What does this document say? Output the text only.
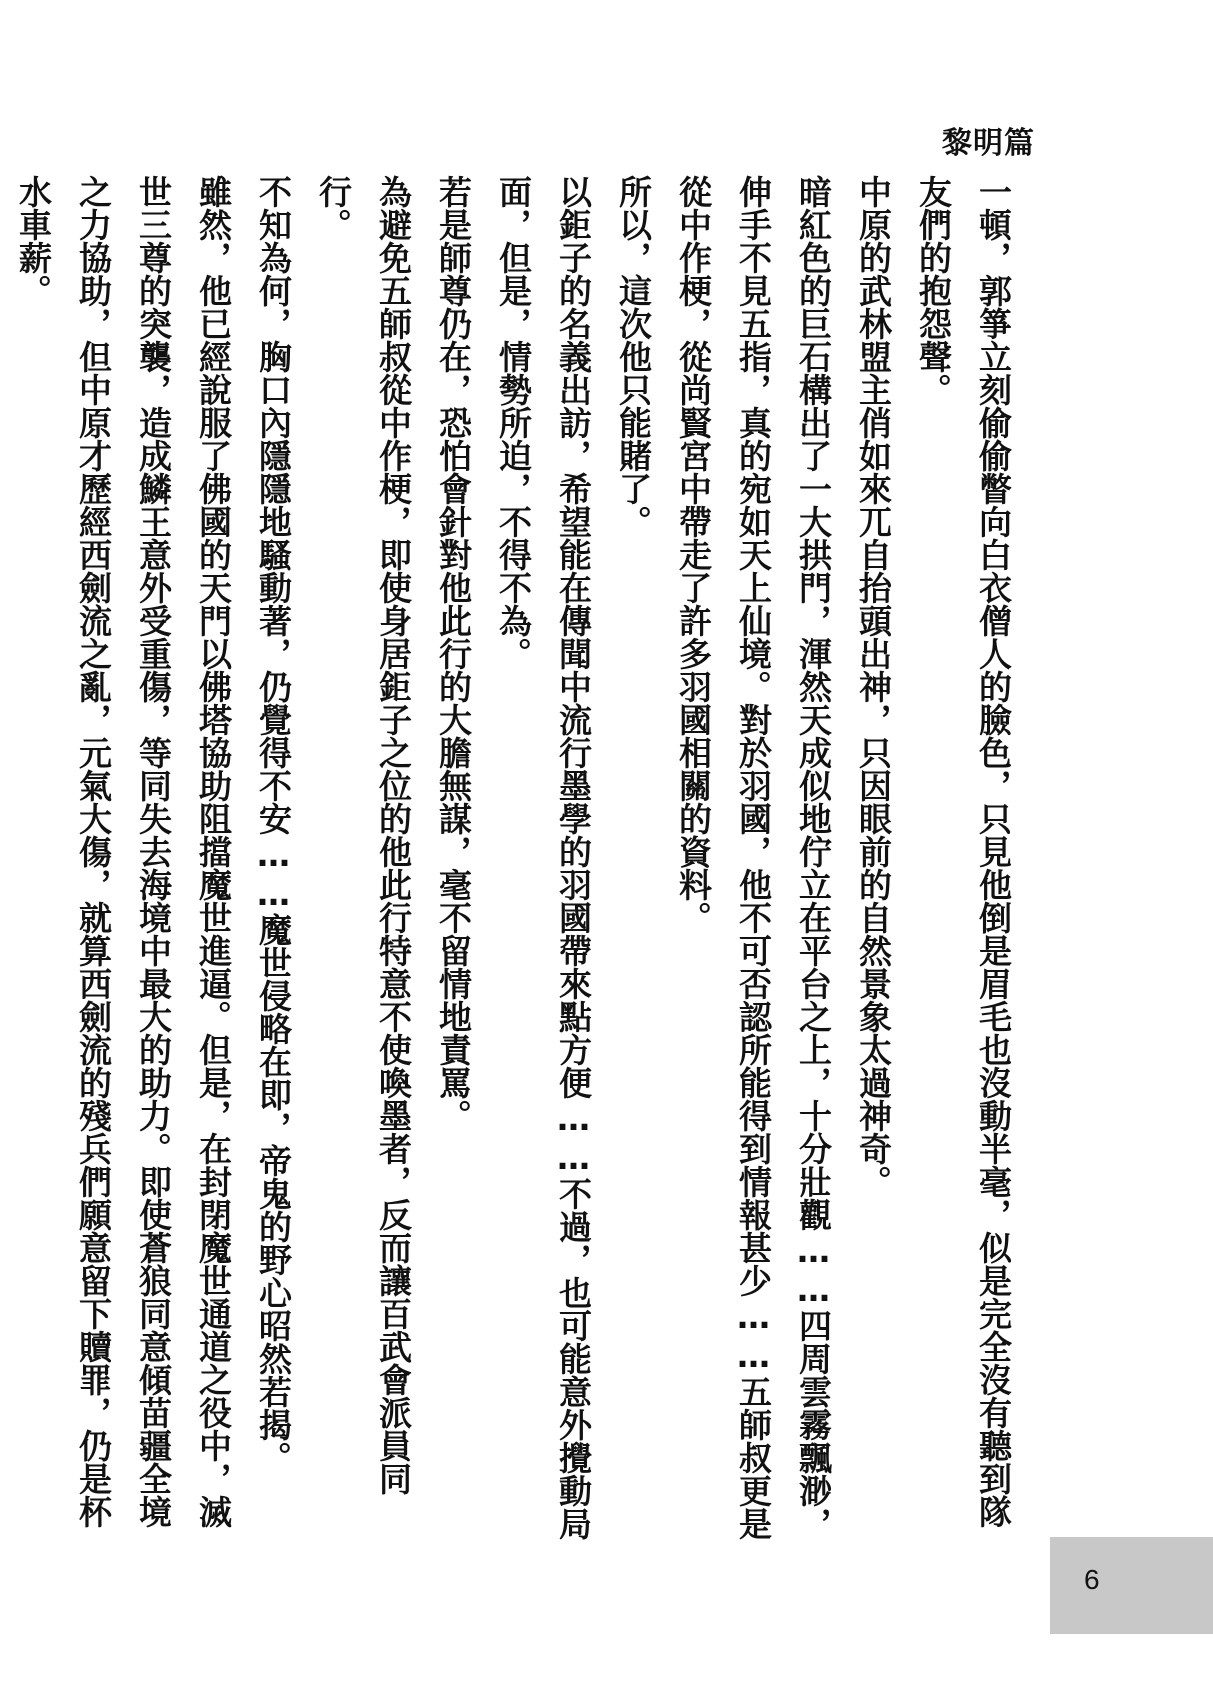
黎明篇

一頓，郭箏立刻偷偷瞥向白衣僧人的臉色，只見他倒是眉毛也沒動半毫，似是完全沒有聽到隊友們的抱怨聲。

中原的武林盟主俏如來兀自抬頭出神，只因眼前的自然景象太過神奇。

暗紅色的巨石構出了一大拱門，渾然天成似地佇立在平台之上，十分壯觀……四周雲霧飄渺，伸手不見五指，真的宛如天上仙境。對於羽國，他不可否認所能得到情報甚少……五師叔更是從中作梗，從尚賢宮中帶走了許多羽國相關的資料。

所以，這次他只能賭了。

以鉅子的名義出訪，希望能在傳聞中流行墨學的羽國帶來點方便……不過，也可能意外攪動局面，但是，情勢所迫，不得不為。

若是師尊仍在，恐怕會針對他此行的大膽無謀，毫不留情地責罵。

為避免五師叔從中作梗，即使身居鉅子之位的他此行特意不使喚墨者，反而讓百武會派員同行。

不知為何，胸口內隱隱地騷動著，仍覺得不安……魔世侵略在即，帝鬼的野心昭然若揭。

雖然，他已經說服了佛國的天門以佛塔協助阻擋魔世進逼。但是，在封閉魔世通道之役中，滅世三尊的突襲，造成鱗王意外受重傷，等同失去海境中最大的助力。即使蒼狼同意傾苗疆全境之力協助，但中原才歷經西劍流之亂，元氣大傷，就算西劍流的殘兵們願意留下贖罪，仍是杯水車薪。

6
